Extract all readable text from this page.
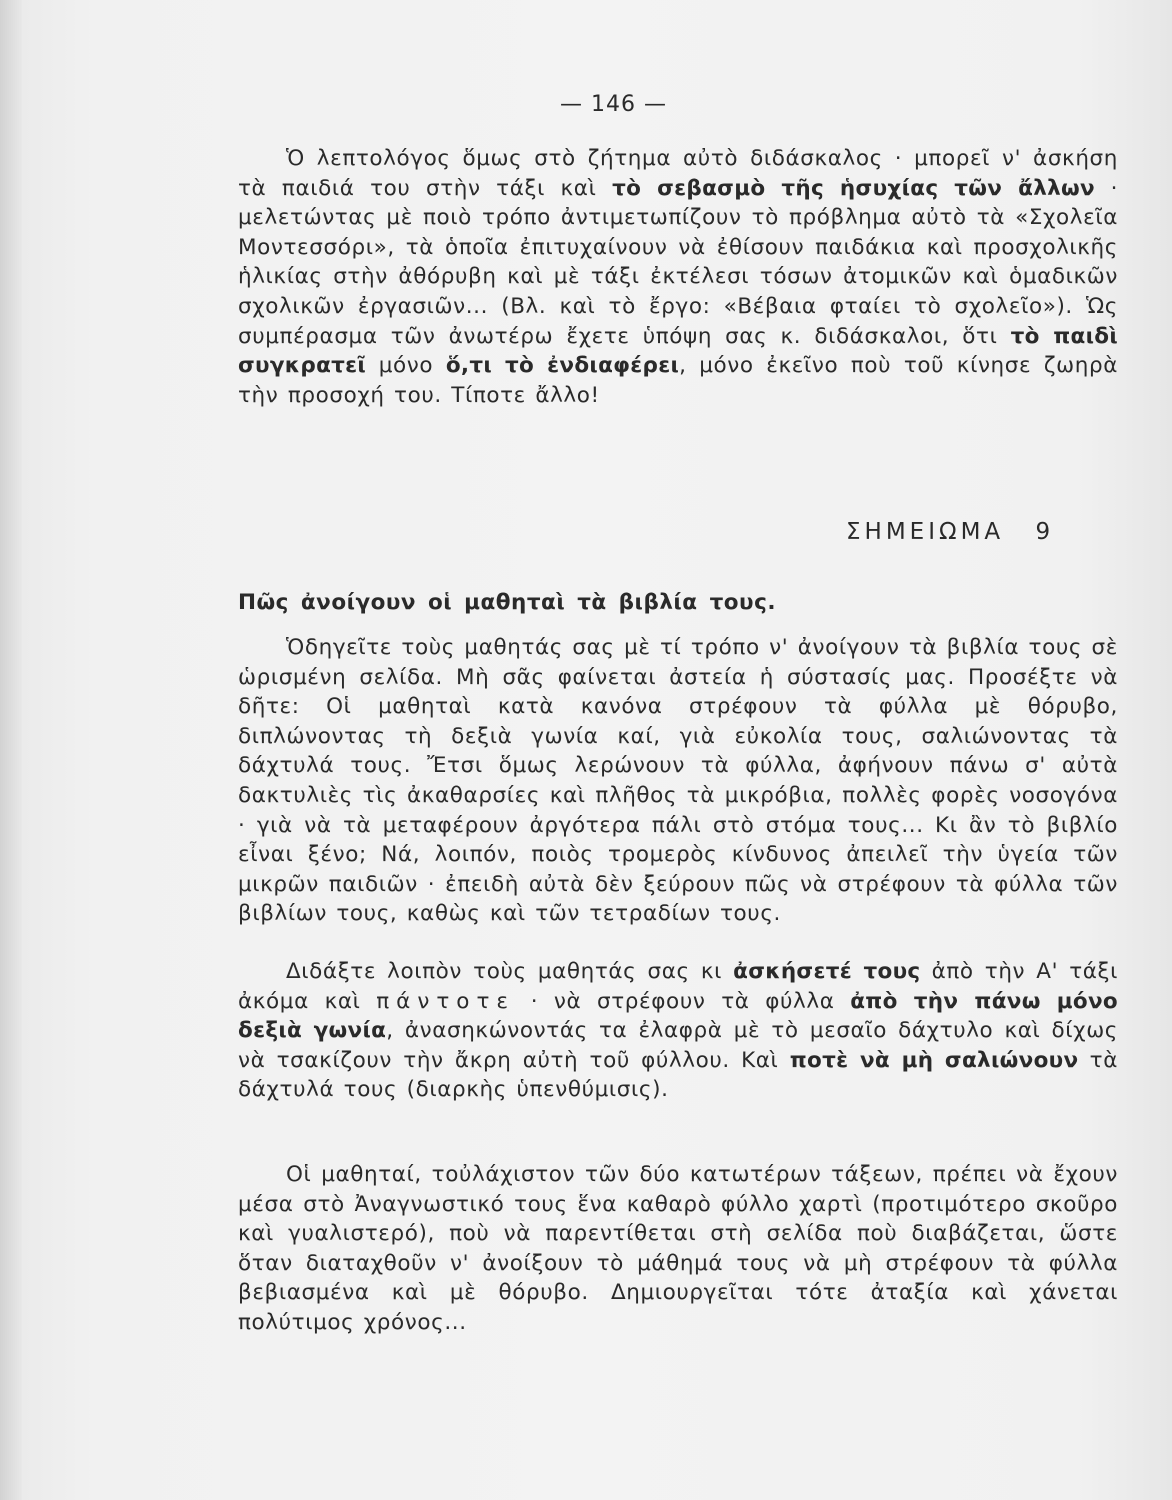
— 146 —

Ὁ λεπτολόγος ὅμως στὸ ζήτημα αὐτὸ διδάσκαλος · μπορεῖ ν' ἀσκήση τὰ παιδιά του στὴν τάξι καὶ τὸ σεβασμὸ τῆς ἡσυχίας τῶν ἄλλων · μελετώντας μὲ ποιὸ τρόπο ἀντιμετωπίζουν τὸ πρόβλημα αὐτὸ τὰ «Σχολεῖα Μοντεσσόρι», τὰ ὁποῖα ἐπιτυχαίνουν νὰ ἐθίσουν παιδάκια καὶ προσχολικῆς ἡλικίας στὴν ἀθόρυβη καὶ μὲ τάξι ἐκτέλεσι τόσων ἀτομικῶν καὶ ὁμαδικῶν σχολικῶν ἐργασιῶν... (Βλ. καὶ τὸ ἔργο: «Βέβαια φταίει τὸ σχολεῖο»). Ὡς συμπέρασμα τῶν ἀνωτέρω ἔχετε ὑπόψη σας κ. διδάσκαλοι, ὅτι τὸ παιδὶ συγκρατεῖ μόνο ὅ,τι τὸ ἐνδιαφέρει, μόνο ἐκεῖνο ποὺ τοῦ κίνησε ζωηρὰ τὴν προσοχή του. Τίποτε ἄλλο!

ΣΗΜΕΙΩΜΑ 9
Πῶς ἀνοίγουν οἱ μαθηταὶ τὰ βιβλία τους.

Ὁδηγεῖτε τοὺς μαθητάς σας μὲ τί τρόπο ν' ἀνοίγουν τὰ βιβλία τους σὲ ὡρισμένη σελίδα. Μὴ σᾶς φαίνεται ἀστεία ἡ σύστασίς μας. Προσέξτε νὰ δῆτε: Οἱ μαθηταὶ κατὰ κανόνα στρέφουν τὰ φύλλα μὲ θόρυβο, διπλώνοντας τὴ δεξιὰ γωνία καί, γιὰ εὐκολία τους, σαλιώνοντας τὰ δάχτυλά τους. Ἔτσι ὅμως λερώνουν τὰ φύλλα, ἀφήνουν πάνω σ' αὐτὰ δακτυλιὲς τὶς ἀκαθαρσίες καὶ πλῆθος τὰ μικρόβια, πολλὲς φορὲς νοσογόνα · γιὰ νὰ τὰ μεταφέρουν ἀργότερα πάλι στὸ στόμα τους... Κι ἂν τὸ βιβλίο εἶναι ξένο; Νά, λοιπόν, ποιὸς τρομερὸς κίνδυνος ἀπειλεῖ τὴν ὑγεία τῶν μικρῶν παιδιῶν · ἐπειδὴ αὐτὰ δὲν ξεύρουν πῶς νὰ στρέφουν τὰ φύλλα τῶν βιβλίων τους, καθὼς καὶ τῶν τετραδίων τους.

Διδάξτε λοιπὸν τοὺς μαθητάς σας κι ἀσκήσετέ τους ἀπὸ τὴν Α' τάξι ἀκόμα καὶ πάντοτε · νὰ στρέφουν τὰ φύλλα ἀπὸ τὴν πάνω μόνο δεξιὰ γωνία, ἀνασηκώνοντάς τα ἐλαφρὰ μὲ τὸ μεσαῖο δάχτυλο καὶ δίχως νὰ τσακίζουν τὴν ἄκρη αὐτὴ τοῦ φύλλου. Καὶ ποτὲ νὰ μὴ σαλιώνουν τὰ δάχτυλά τους (διαρκὴς ὑπενθύμισις).

Οἱ μαθηταί, τοὐλάχιστον τῶν δύο κατωτέρων τάξεων, πρέπει νὰ ἔχουν μέσα στὸ Ἀναγνωστικό τους ἕνα καθαρὸ φύλλο χαρτὶ (προτιμότερο σκοῦρο καὶ γυαλιστερό), ποὺ νὰ παρεντίθεται στὴ σελίδα ποὺ διαβάζεται, ὥστε ὅταν διαταχθοῦν ν' ἀνοίξουν τὸ μάθημά τους νὰ μὴ στρέφουν τὰ φύλλα βεβιασμένα καὶ μὲ θόρυβο. Δημιουργεῖται τότε ἀταξία καὶ χάνεται πολύτιμος χρόνος...
